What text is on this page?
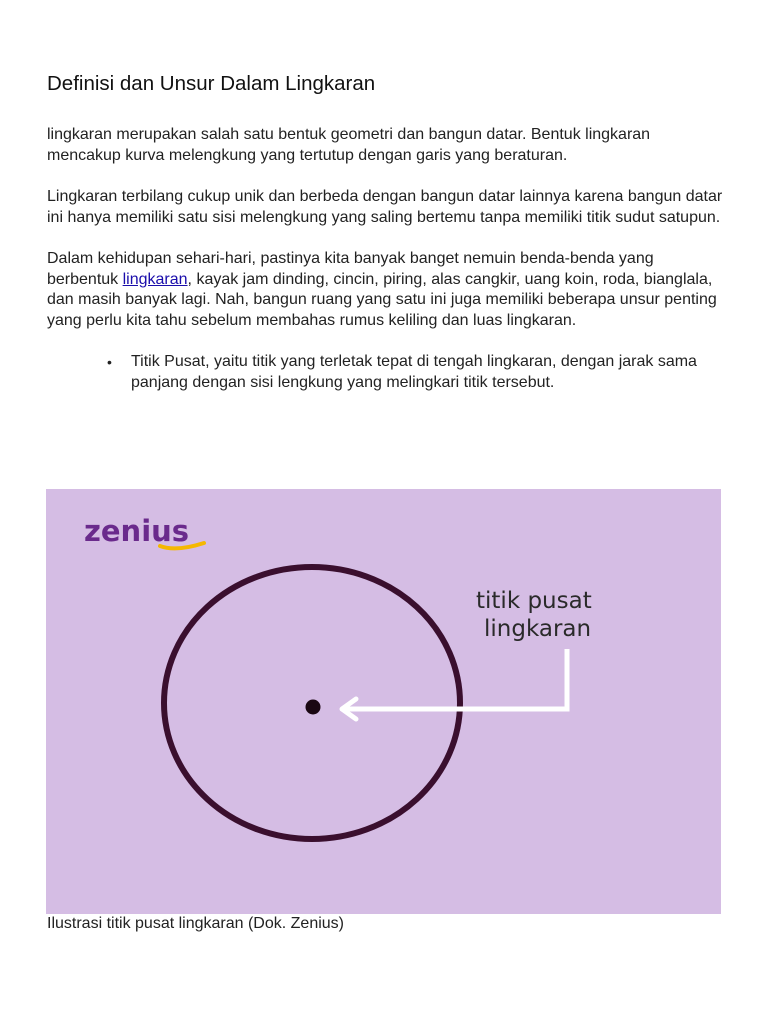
Definisi dan Unsur Dalam Lingkaran

lingkaran merupakan salah satu bentuk geometri dan bangun datar. Bentuk lingkaran mencakup kurva melengkung yang tertutup dengan garis yang beraturan.

Lingkaran terbilang cukup unik dan berbeda dengan bangun datar lainnya karena bangun datar ini hanya memiliki satu sisi melengkung yang saling bertemu tanpa memiliki titik sudut satupun.

Dalam kehidupan sehari-hari, pastinya kita banyak banget nemuin benda-benda yang berbentuk lingkaran, kayak jam dinding, cincin, piring, alas cangkir, uang koin, roda, bianglala, dan masih banyak lagi. Nah, bangun ruang yang satu ini juga memiliki beberapa unsur penting yang perlu kita tahu sebelum membahas rumus keliling dan luas lingkaran.

• Titik Pusat, yaitu titik yang terletak tepat di tengah lingkaran, dengan jarak sama panjang dengan sisi lengkung yang melingkari titik tersebut.
zenius
titik pusat
lingkaran
Ilustrasi titik pusat lingkaran (Dok. Zenius)
